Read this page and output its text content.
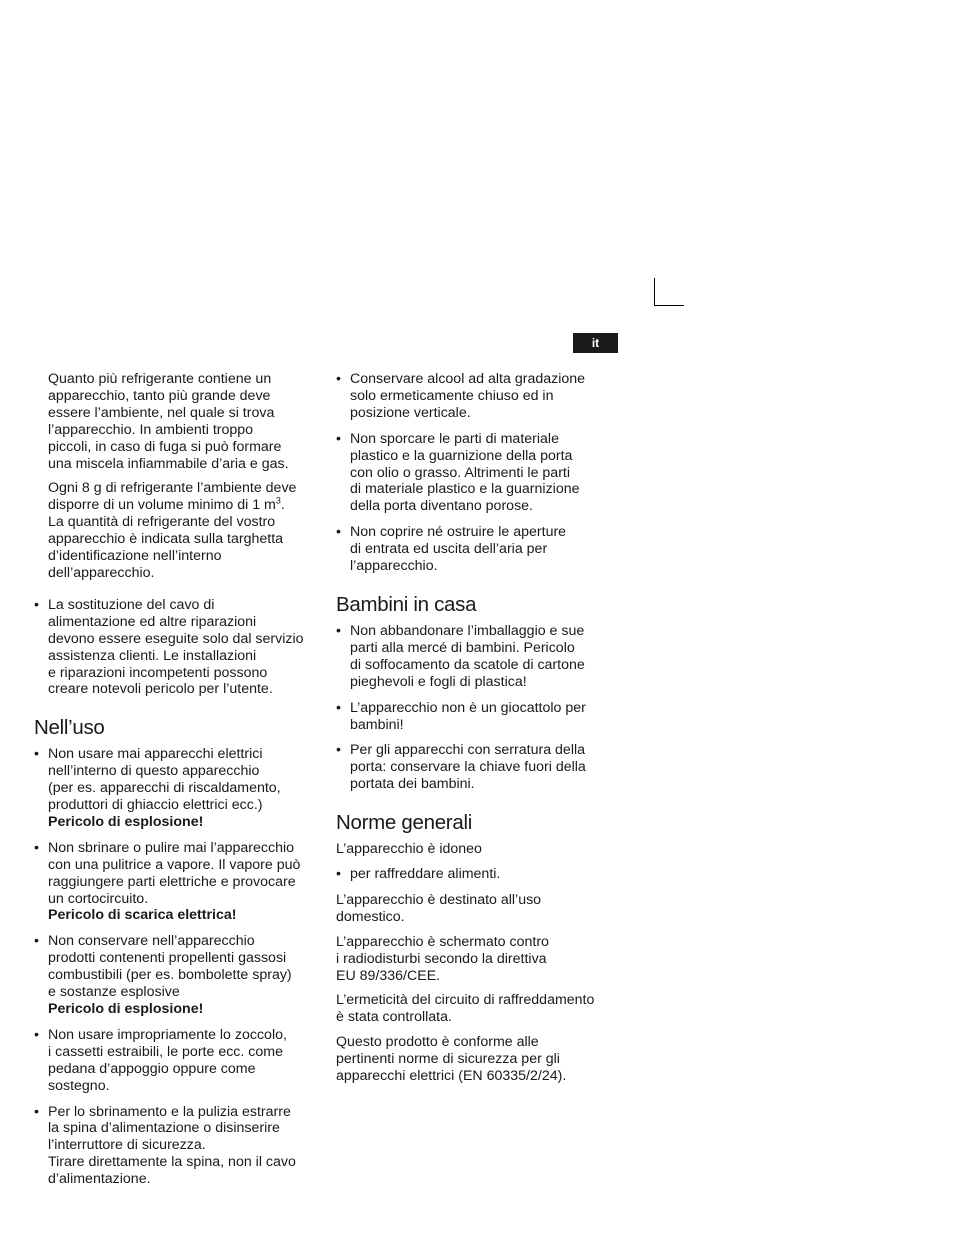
it

Quanto più refrigerante contiene un
apparecchio, tanto più grande deve
essere l’ambiente, nel quale si trova
l’apparecchio. In ambienti troppo
piccoli, in caso di fuga si può formare
una miscela infiammabile d’aria e gas.

Ogni 8 g di refrigerante l’ambiente deve
disporre di un volume minimo di 1 $m^3$.
La quantità di refrigerante del vostro
apparecchio è indicata sulla targhetta
d’identificazione nell’interno
dell’apparecchio.

• La sostituzione del cavo di
alimentazione ed altre riparazioni
devono essere eseguite solo dal servizio
assistenza clienti. Le installazioni
e riparazioni incompetenti possono
creare notevoli pericolo per l’utente.
Nell’uso
• Non usare mai apparecchi elettrici
nell’interno di questo apparecchio
(per es. apparecchi di riscaldamento,
produttori di ghiaccio elettrici ecc.)
Pericolo di esplosione!
• Non sbrinare o pulire mai l’apparecchio
con una pulitrice a vapore. Il vapore può
raggiungere parti elettriche e provocare
un cortocircuito.
Pericolo di scarica elettrica!
• Non conservare nell’apparecchio
prodotti contenenti propellenti gassosi
combustibili (per es. bombolette spray)
e sostanze esplosive
Pericolo di esplosione!
• Non usare impropriamente lo zoccolo,
i cassetti estraibili, le porte ecc. come
pedana d’appoggio oppure come
sostegno.
• Per lo sbrinamento e la pulizia estrarre
la spina d’alimentazione o disinserire
l’interruttore di sicurezza.
Tirare direttamente la spina, non il cavo
d’alimentazione.
• Conservare alcool ad alta gradazione
solo ermeticamente chiuso ed in
posizione verticale.
• Non sporcare le parti di materiale
plastico e la guarnizione della porta
con olio o grasso. Altrimenti le parti
di materiale plastico e la guarnizione
della porta diventano porose.
• Non coprire né ostruire le aperture
di entrata ed uscita dell’aria per
l’apparecchio.
Bambini in casa
• Non abbandonare l’imballaggio e sue
parti alla mercé di bambini. Pericolo
di soffocamento da scatole di cartone
pieghevoli e fogli di plastica!
• L’apparecchio non è un giocattolo per
bambini!
• Per gli apparecchi con serratura della
porta: conservare la chiave fuori della
portata dei bambini.
Norme generali

L’apparecchio è idoneo

• per raffreddare alimenti.

L’apparecchio è destinato all’uso
domestico.

L’apparecchio è schermato contro
i radiodisturbi secondo la direttiva
EU 89/336/CEE.

L’ermeticità del circuito di raffreddamento
è stata controllata.

Questo prodotto è conforme alle
pertinenti norme di sicurezza per gli
apparecchi elettrici (EN 60335/2/24).
